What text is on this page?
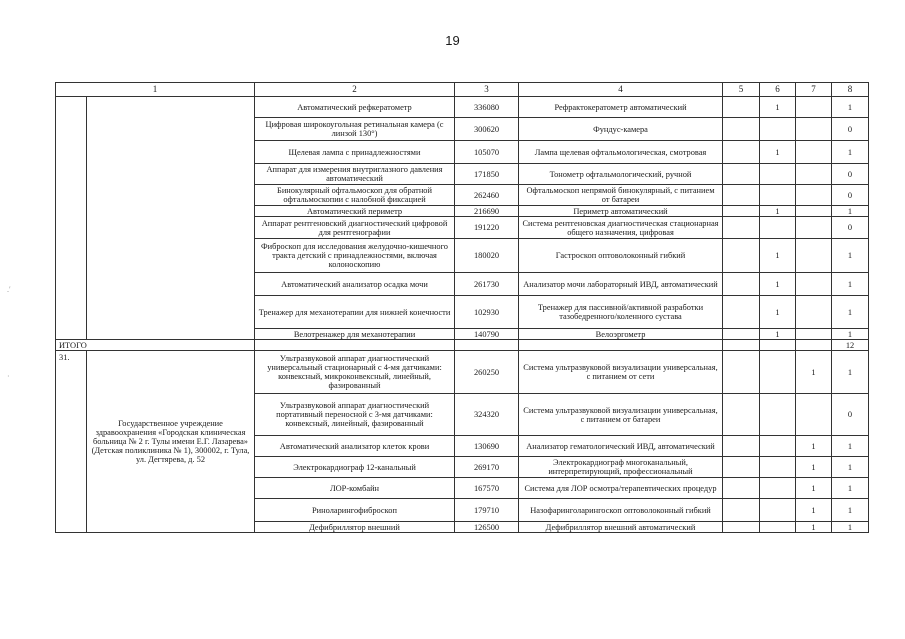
19
.′
·
1		2	3	4	5	6	7	8
		Автоматический рефкератометр	336080	Рефрактокератометр автоматический		1		1
		Цифровая широкоугольная ретинальная камера (с линзой 130°)	300620	Фундус-камера				0
		Щелевая лампа с принадлежностями	105070	Лампа щелевая офтальмологическая, смотровая		1		1
		Аппарат для измерения внутриглазного давления автоматический	171850	Тонометр офтальмологический, ручной				0
		Бинокулярный офтальмоскоп для обратной офтальмоскопии с налобной фиксацией	262460	Офтальмоскоп непрямой бинокулярный, с питанием от батареи				0
		Автоматический периметр	216690	Периметр автоматический		1		1
		Аппарат рентгеновский диагностический цифровой для рентгенографии	191220	Система рентгеновская диагностическая стационарная общего назначения, цифровая				0
		Фиброскоп для исследования желудочно-кишечного тракта детский с принадлежностями, включая колоноскопию	180020	Гастроскоп оптоволоконный гибкий		1		1
		Автоматический анализатор осадка мочи	261730	Анализатор мочи лабораторный ИВД, автоматический		1		1
		Тренажер для механотерапии для нижней конечности	102930	Тренажер для пассивной/активной разработки тазобедренного/коленного сустава		1		1
		Велотренажер для механотерапии	140790	Велоэргометр		1		1
ИТОГО								12
31.	Государственное учреждение здравоохранения «Городская клиническая больница № 2 г. Тулы имени Е.Г. Лазарева» (Детская поликлиника № 1), 300002, г. Тула, ул. Дегтярева, д. 52	Ультразвуковой аппарат диагностический универсальный стационарный с 4-мя датчиками: конвексный, микроконвексный, линейный, фазированный	260250	Система ультразвуковой визуализации универсальная, с питанием от сети			1	1
		Ультразвуковой аппарат диагностический портативный переносной с 3-мя датчиками: конвексный, линейный, фазированный	324320	Система ультразвуковой визуализации универсальная, с питанием от батареи				0
		Автоматический анализатор клеток крови	130690	Анализатор гематологический ИВД, автоматический			1	1
		Электрокардиограф 12-канальный	269170	Электрокардиограф многоканальный, интерпретирующий, профессиональный			1	1
		ЛОР-комбайн	167570	Система для ЛОР осмотра/терапевтических процедур			1	1
		Риноларингофиброскоп	179710	Назофаринголарингоскоп оптоволоконный гибкий			1	1
		Дефибриллятор внешний	126500	Дефибриллятор внешний автоматический			1	1
